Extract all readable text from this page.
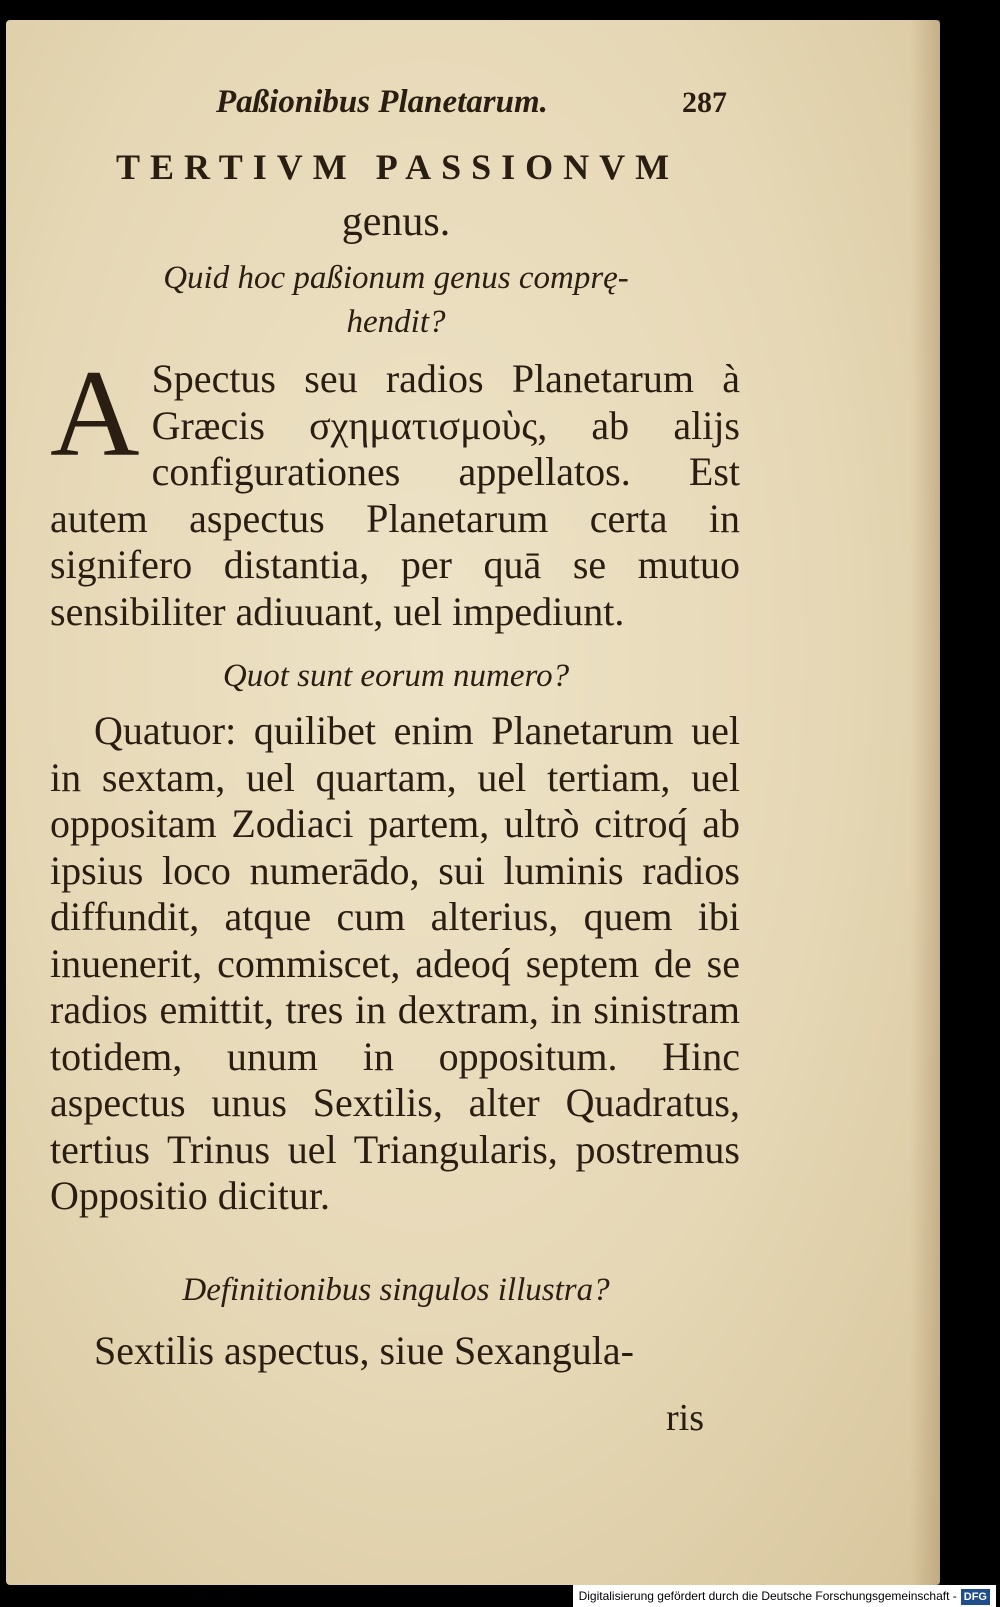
Paßionibus Planetarum.	287
TERTIVM PASSIONVM
genus.
Quid hoc paßionum genus comprę- hendit?
A Spectus seu radios Planetarum à Græcis σχηματισμοὺς, ab alijs configurationes appellatos. Est autem aspectus Planetarum certa in signifero distantia, per quā se mutuo sensibiliter adiuuant, uel impediunt.
Quot sunt eorum numero?
Quatuor: quilibet enim Planetarum uel in sextam, uel quartam, uel tertiam, uel oppositam Zodiaci partem, ultrò citroq́ ab ipsius loco numerādo, sui luminis radios diffundit, atque cum alterius, quem ibi inuenerit, commiscet, adeoq́ septem de se radios emittit, tres in dextram, in sinistram totidem, unum in oppositum. Hinc aspectus unus Sextilis, alter Quadratus, tertius Trinus uel Triangularis, postremus Oppositio dicitur.
Definitionibus singulos illustra?
Sextilis aspectus, siue Sexangula-
ris
Digitalisierung gefördert durch die Deutsche Forschungsgemeinschaft - DFG
